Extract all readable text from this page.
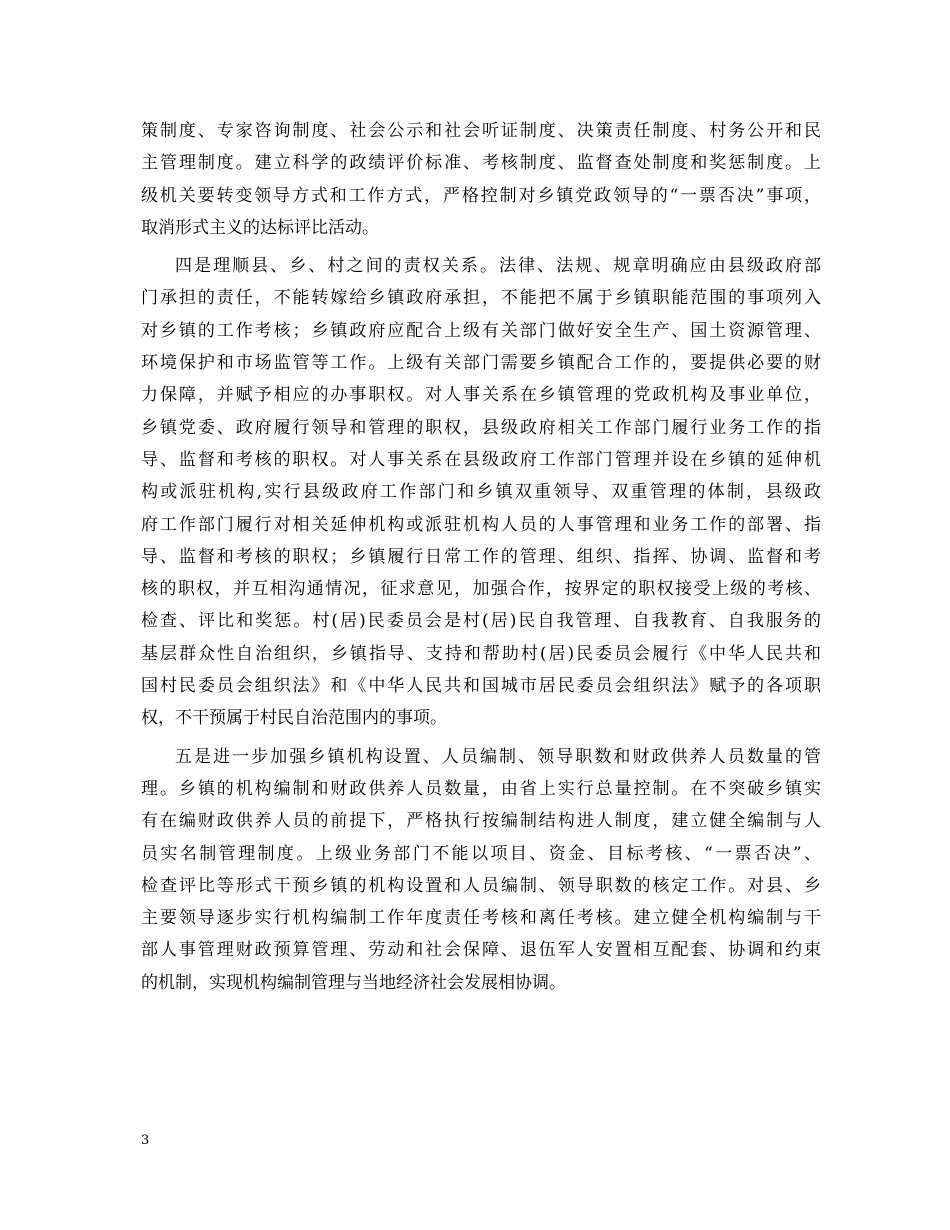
策制度、专家咨询制度、社会公示和社会听证制度、决策责任制度、村务公开和民
主管理制度。建立科学的政绩评价标准、考核制度、监督查处制度和奖惩制度。上
级机关要转变领导方式和工作方式，严格控制对乡镇党政领导的“一票否决”事项，
取消形式主义的达标评比活动。
四是理顺县、乡、村之间的责权关系。法律、法规、规章明确应由县级政府部
门承担的责任，不能转嫁给乡镇政府承担，不能把不属于乡镇职能范围的事项列入
对乡镇的工作考核；乡镇政府应配合上级有关部门做好安全生产、国土资源管理、
环境保护和市场监管等工作。上级有关部门需要乡镇配合工作的，要提供必要的财
力保障，并赋予相应的办事职权。对人事关系在乡镇管理的党政机构及事业单位，
乡镇党委、政府履行领导和管理的职权，县级政府相关工作部门履行业务工作的指
导、监督和考核的职权。对人事关系在县级政府工作部门管理并设在乡镇的延伸机
构或派驻机构,实行县级政府工作部门和乡镇双重领导、双重管理的体制，县级政
府工作部门履行对相关延伸机构或派驻机构人员的人事管理和业务工作的部署、指
导、监督和考核的职权；乡镇履行日常工作的管理、组织、指挥、协调、监督和考
核的职权，并互相沟通情况，征求意见，加强合作，按界定的职权接受上级的考核、
检查、评比和奖惩。村(居)民委员会是村(居)民自我管理、自我教育、自我服务的
基层群众性自治组织，乡镇指导、支持和帮助村(居)民委员会履行《中华人民共和
国村民委员会组织法》和《中华人民共和国城市居民委员会组织法》赋予的各项职
权，不干预属于村民自治范围内的事项。
五是进一步加强乡镇机构设置、人员编制、领导职数和财政供养人员数量的管
理。乡镇的机构编制和财政供养人员数量，由省上实行总量控制。在不突破乡镇实
有在编财政供养人员的前提下，严格执行按编制结构进人制度，建立健全编制与人
员实名制管理制度。上级业务部门不能以项目、资金、目标考核、“一票否决”、
检查评比等形式干预乡镇的机构设置和人员编制、领导职数的核定工作。对县、乡
主要领导逐步实行机构编制工作年度责任考核和离任考核。建立健全机构编制与干
部人事管理财政预算管理、劳动和社会保障、退伍军人安置相互配套、协调和约束
的机制，实现机构编制管理与当地经济社会发展相协调。
3
